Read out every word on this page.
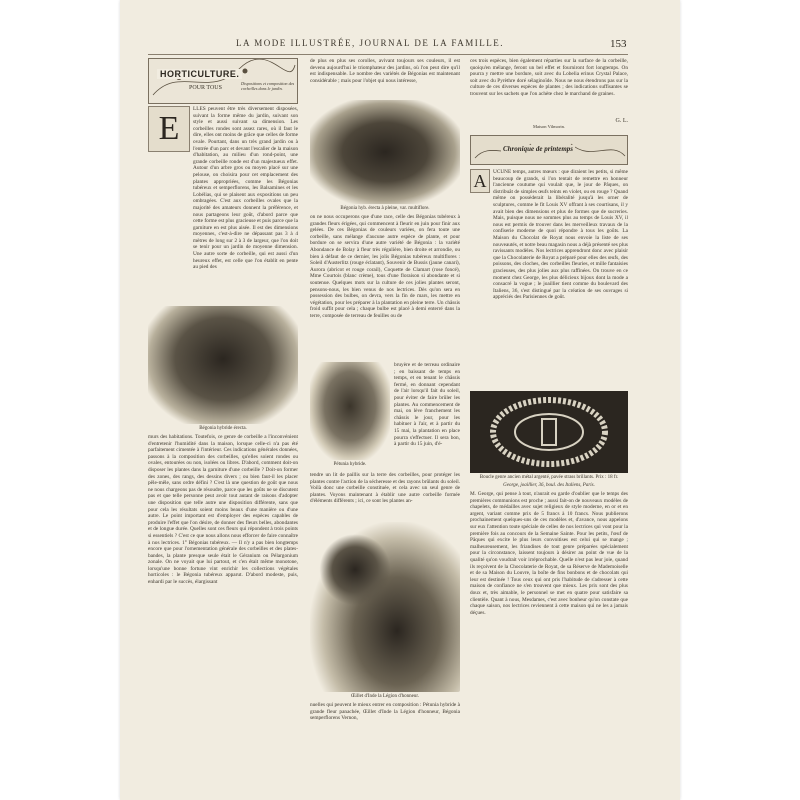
LA MODE ILLUSTRÉE, JOURNAL DE LA FAMILLE.	153
HORTICULTURE.
POUR TOUS
Dispositions et composition des corbeilles dans le jardin.
E

LLES peuvent être très diversement disposées, suivant la forme même du jardin, suivant son style et aussi suivant sa dimension. Les corbeilles rondes sont assez rares, où il faut le dire, elles ont moins de grâce que celles de forme ovale. Pourtant, dans un très grand jardin ou à l'entrée d'un parc et devant l'escalier de la maison d'habitation, au milieu d'un rond-point, une grande corbeille ronde est d'un majestueux effet. Autour d'un arbre gros ou moyen placé sur une pelouse, on choisira pour cet emplacement des plantes appropriées, comme les Bégonias tubéreux et semperflorens, les Balsamines et les Lobélias, qui se plaisent aux expositions un peu ombragées. C'est aux corbeilles ovales que la majorité des amateurs donnent la préférence, et nous partageons leur goût, d'abord parce que cette forme est plus gracieuse et puis parce que la garniture en est plus aisée. Il est des dimensions moyennes, c'est-à-dire ne dépassant pas 3 à 4 mètres de long sur 2 à 3 de largeur, que l'on doit se tenir pour un jardin de moyenne dimension. Une autre sorte de corbeille, qui est aussi d'un heureux effet, est celle que l'on établit en pente au pied des

Bégonia hybride érecta.

murs des habitations. Toutefois, ce genre de corbeille a l'inconvénient d'entretenir l'humidité dans la maison, lorsque celle-ci n'a pas été parfaitement cimentée à l'intérieur. Ces indications générales données, passons à la composition des corbeilles, qu'elles soient rondes ou ovales, entourées ou non, isolées ou libres. D'abord, comment doit-on disposer les plantes dans la garniture d'une corbeille ? Doit-on former des zones, des rangs, des dessins divers ; ou bien faut-il les placer pêle-mêle, sans ordre défini ? C'est là une question de goût que nous ne nous chargeons pas de résoudre, parce que les goûts ne se discutent pas et que telle personne peut avoir tout autant de raisons d'adopter une disposition que telle autre une disposition différente, sans que pour cela les résultats soient moins beaux d'une manière ou d'une autre. Le point important est d'employer des espèces capables de produire l'effet que l'on désire, de donner des fleurs belles, abondantes et de longue durée. Quelles sont ces fleurs qui répondent à trois points si essentiels ? C'est ce que nous allons nous efforcer de faire connaître à nos lectrices. 1° Bégonias tubéreux. — Il n'y a pas bien longtemps encore que pour l'ornementation générale des corbeilles et des plates-bandes, la plante presque seule était le Géranium ou Pélargonium zonale. On ne voyait que lui partout, et c'en était même monotone, lorsqu'une bonne fortune vint enrichir les collections végétales horticoles : le Bégonia tubéreux apparut. D'abord modeste, puis, enhardi par le succès, élargissant

de plus en plus ses corolles, avivant toujours ses couleurs, il est devenu aujourd'hui le triomphateur des jardins, où l'on peut dire qu'il est indispensable. Le nombre des variétés de Bégonias est maintenant considérable ; mais pour l'objet qui nous intéresse,

Bégonia hyb. érecta à pleine, var. multiflore.

on ne nous occuperons que d'une race, celle des Bégonias tubéreux à grandes fleurs érigées, qui commencent à fleurir en juin pour finir aux gelées. De ces Bégonias de couleurs variées, on fera toute une corbeille, sans mélange d'aucune autre espèce de plante, et pour bordure on se servira d'une autre variété de Bégonia : la variété Abondance de Bolay à fleur très régulière, bien droite et arrondie, ou bien à défaut de ce dernier, les jolis Bégonias tubéreux multiflores : Soleil d'Austerlitz (rouge éclatant), Souvenir de Bussis (jaune canari), Aurora (abricot et rouge corail), Coquette de Clamart (rose foncé), Mme Courtois (blanc crème), tous d'une floraison si abondante et si soutenue. Quelques mots sur la culture de ces jolies plantes seront, pensons-nous, les bien venus de nos lectrices. Dès qu'on sera en possession des bulbes, on devra, vers la fin de mars, les mettre en végétation, pour les préparer à la plantation en pleine terre. Un châssis froid suffit pour cela ; chaque bulbe est placé à demi enterré dans la terre, composée de terreau de feuilles ou de

Pétunia hybride.

bruyère et de terreau ordinaire ; en baissant de temps en temps, et en tenant le châssis fermé, en donnant cependant de l'air lorsqu'il fait du soleil, pour éviter de faire brûler les plantes. Au commencement de mai, on lève franchement les châssis le jour, pour les habituer à l'air, et à partir du 15 mai, la plantation en place pourra s'effectuer. Il sera bon, à partir du 15 juin, d'é-

tendre un lit de paillis sur la terre des corbeilles, pour protéger les plantes contre l'action de la sécheresse et des rayons brûlants du soleil. Voilà donc une corbeille constituée, et cela avec un seul genre de plantes. Voyons maintenant à établir une autre corbeille formée d'éléments différents ; ici, ce sont les plantes an-

Œillet d'Inde la Légion d'honneur.

nuelles qui peuvent le mieux entrer en composition : Pétunia hybride à grande fleur panachée, Œillet d'Inde la Légion d'honneur, Bégonia semperflorens Vernon,

ces trois espèces, bien également réparties sur la surface de la corbeille, quoiqu'en mélange, feront un bel effet et fourniront fort longtemps. On pourra y mettre une bordure, soit avec du Lobelia erinus Crystal Palace, soit avec du Pyrèthre doré sélaginoïde. Nous ne nous étendrons pas sur la culture de ces diverses espèces de plantes ; des indications suffisantes se trouvent sur les sachets que l'on achète chez le marchand de graines.

G. L.
Maison Vilmorin.
Chronique de printemps
A	UCUNE temps, autres mœurs : que diraient les petits, si même beaucoup de grands, si l'on tentait de remettre en honneur l'ancienne coutume qui voulait que, le jour de Pâques, on distribuât de simples œufs teints en violet, ou en rouge ? Quand même on possèderait la libéralité jusqu'à les orner de sculptures, comme le fit Louis XV offrant à ses courtisans, il y avait bien des dimensions et plus de formes que de sucreries. Mais, puisque nous ne sommes plus au temps de Louis XV, il nous est permis de trouver dans les merveilleux travaux de la confiserie moderne de quoi répondre à tous les goûts. La Maison du Chocolat de Royat nous envoie la liste de ses nouveautés, et notre beau magasin nous a déjà présenté ses plus ravissants modèles. Nos lectrices apprendront donc avec plaisir que la Chocolaterie de Royat a préparé pour elles des œufs, des poissons, des cloches, des corbeilles fleuries, et mille fantaisies gracieuses, des plus jolies aux plus raffinées. On trouve en ce moment chez George, les plus délicieux bijoux dont la mode a consacré la vogue ; le joaillier tient comme du boulevard des Italiens, 36, s'est distingué par la création de ses ouvrages si appréciés des Parisiennes de goût.

Boucle genre ancien métal argenté, pavée strass brillants. Prix : 18 fr.
George, joaillier, 36, boul. des Italiens, Paris.

M. George, qui pense à tout, n'aurait eu garde d'oublier que le temps des premières communions est proche ; aussi fait-on de nouveaux modèles de chapelets, de médailles avec sujet religieux de style moderne, en or et en argent, variant comme prix de 5 francs à 10 francs. Nous publierons prochainement quelques-uns de ces modèles et, d'avance, nous appelons sur eux l'attention toute spéciale de celles de nos lectrices qui vont pour la première fois au concours de la Semaine Sainte. Pour les petits, l'œuf de Pâques qui excite le plus leurs convoitises est celui qui se mange ; malheureusement, les friandises de tout genre préparées spécialement pour la circonstance, laissent toujours à désirer au point de vue de la qualité qu'on voudrait voir irréprochable. Quelle n'est pas leur joie, quand ils reçoivent de la Chocolaterie de Royat, de sa Réserve de Mademoiselle et de sa Maison du Louvre, la boîte de fins bonbons et de chocolats qui leur est destinée ! Tous ceux qui ont pris l'habitude de s'adresser à cette maison de confiance ne s'en trouvent que mieux. Les prix sont des plus doux et, très aimable, le personnel se met en quatre pour satisfaire sa clientèle. Quant à nous, Mesdames, c'est avec bonheur qu'on constate que chaque saison, nos lectrices reviennent à cette maison qui ne les a jamais déçues.
